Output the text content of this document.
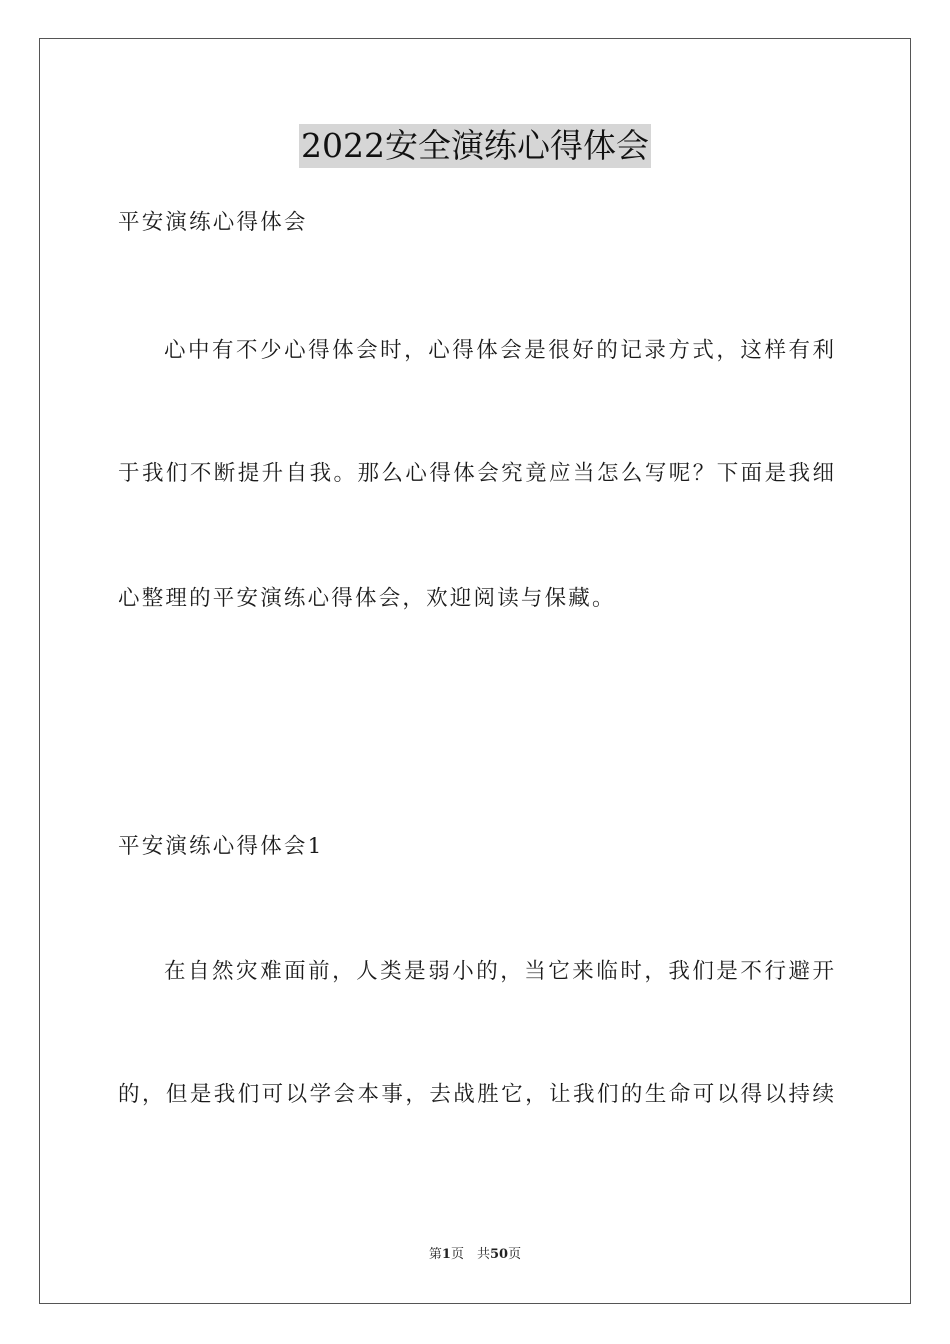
2022安全演练心得体会
平安演练心得体会
心中有不少心得体会时，心得体会是很好的记录方式，这样有利
于我们不断提升自我。那么心得体会究竟应当怎么写呢？下面是我细
心整理的平安演练心得体会，欢迎阅读与保藏。
平安演练心得体会1
在自然灾难面前，人类是弱小的，当它来临时，我们是不行避开
的，但是我们可以学会本事，去战胜它，让我们的生命可以得以持续
第1页　共50页
